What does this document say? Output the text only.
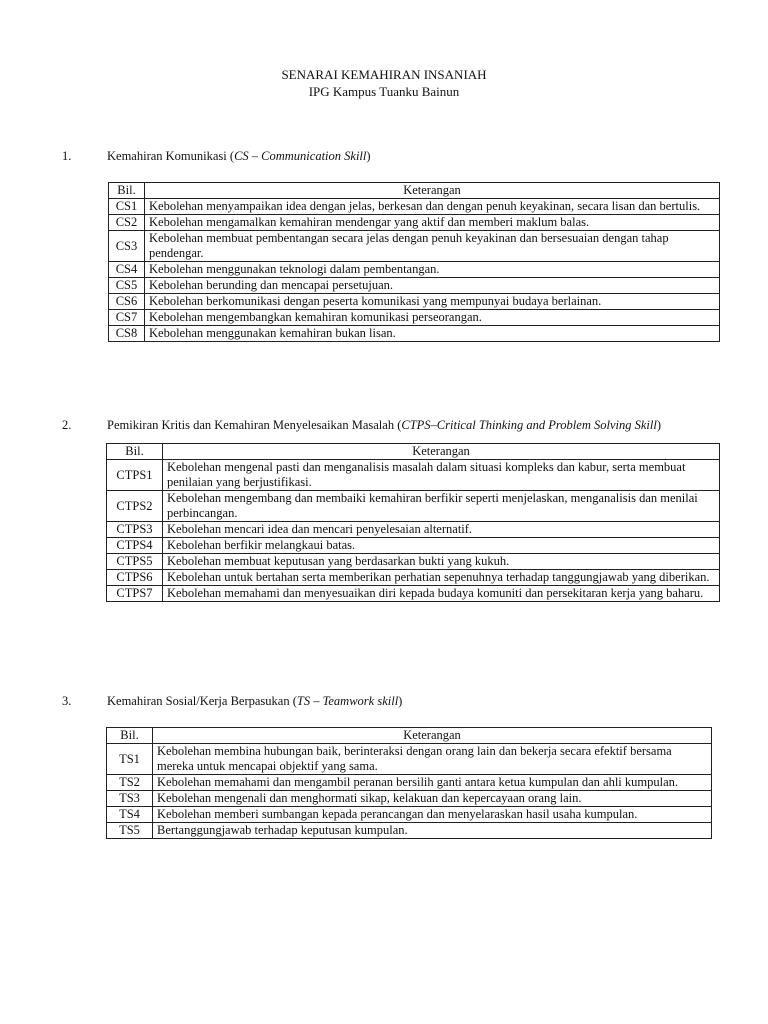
SENARAI KEMAHIRAN INSANIAH
IPG Kampus Tuanku Bainun
1.	Kemahiran Komunikasi (CS – Communication Skill)
Bil.	Keterangan
CS1	Kebolehan menyampaikan idea dengan jelas, berkesan dan dengan penuh keyakinan, secara lisan dan bertulis.
CS2	Kebolehan mengamalkan kemahiran mendengar yang aktif dan memberi maklum balas.
CS3	Kebolehan membuat pembentangan secara jelas dengan penuh keyakinan dan bersesuaian dengan tahap pendengar.
CS4	Kebolehan menggunakan teknologi dalam pembentangan.
CS5	Kebolehan berunding dan mencapai persetujuan.
CS6	Kebolehan berkomunikasi dengan peserta komunikasi yang mempunyai budaya berlainan.
CS7	Kebolehan mengembangkan kemahiran komunikasi perseorangan.
CS8	Kebolehan menggunakan kemahiran bukan lisan.
2.	Pemikiran Kritis dan Kemahiran Menyelesaikan Masalah (CTPS–Critical Thinking and Problem Solving Skill)
Bil.	Keterangan
CTPS1	Kebolehan mengenal pasti dan menganalisis masalah dalam situasi kompleks dan kabur, serta membuat penilaian yang berjustifikasi.
CTPS2	Kebolehan mengembang dan membaiki kemahiran berfikir seperti menjelaskan, menganalisis dan menilai perbincangan.
CTPS3	Kebolehan mencari idea dan mencari penyelesaian alternatif.
CTPS4	Kebolehan berfikir melangkaui batas.
CTPS5	Kebolehan membuat keputusan yang berdasarkan bukti yang kukuh.
CTPS6	Kebolehan untuk bertahan serta memberikan perhatian sepenuhnya terhadap tanggungjawab yang diberikan.
CTPS7	Kebolehan memahami dan menyesuaikan diri kepada budaya komuniti dan persekitaran kerja yang baharu.
3.	Kemahiran Sosial/Kerja Berpasukan (TS – Teamwork skill)
Bil.	Keterangan
TS1	Kebolehan membina hubungan baik, berinteraksi dengan orang lain dan bekerja secara efektif bersama mereka untuk mencapai objektif yang sama.
TS2	Kebolehan memahami dan mengambil peranan bersilih ganti antara ketua kumpulan dan ahli kumpulan.
TS3	Kebolehan mengenali dan menghormati sikap, kelakuan dan kepercayaan orang lain.
TS4	Kebolehan memberi sumbangan kepada perancangan dan menyelaraskan hasil usaha kumpulan.
TS5	Bertanggungjawab terhadap keputusan kumpulan.
